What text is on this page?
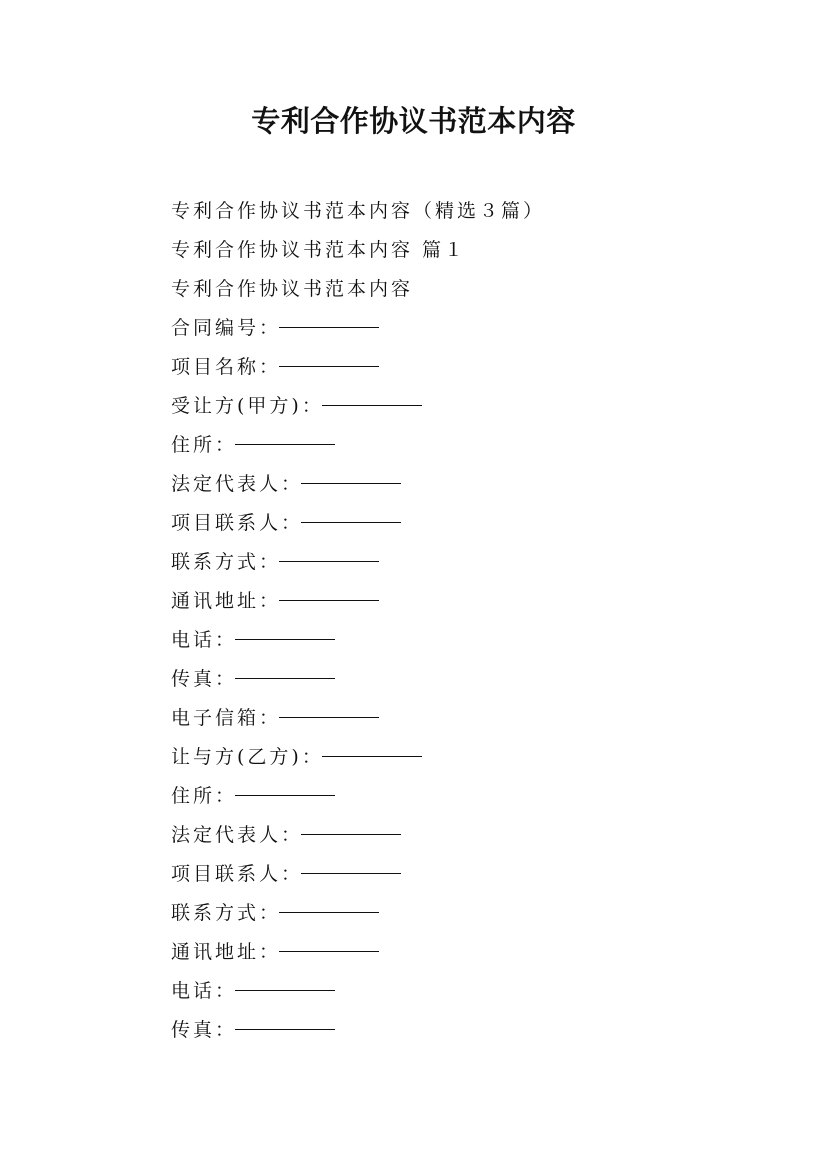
专利合作协议书范本内容
专利合作协议书范本内容（精选３篇）
专利合作协议书范本内容 篇１
专利合作协议书范本内容
合同编号：
项目名称：
受让方(甲方)：
住所：
法定代表人：
项目联系人：
联系方式：
通讯地址：
电话：
传真：
电子信箱：
让与方(乙方)：
住所：
法定代表人：
项目联系人：
联系方式：
通讯地址：
电话：
传真：
